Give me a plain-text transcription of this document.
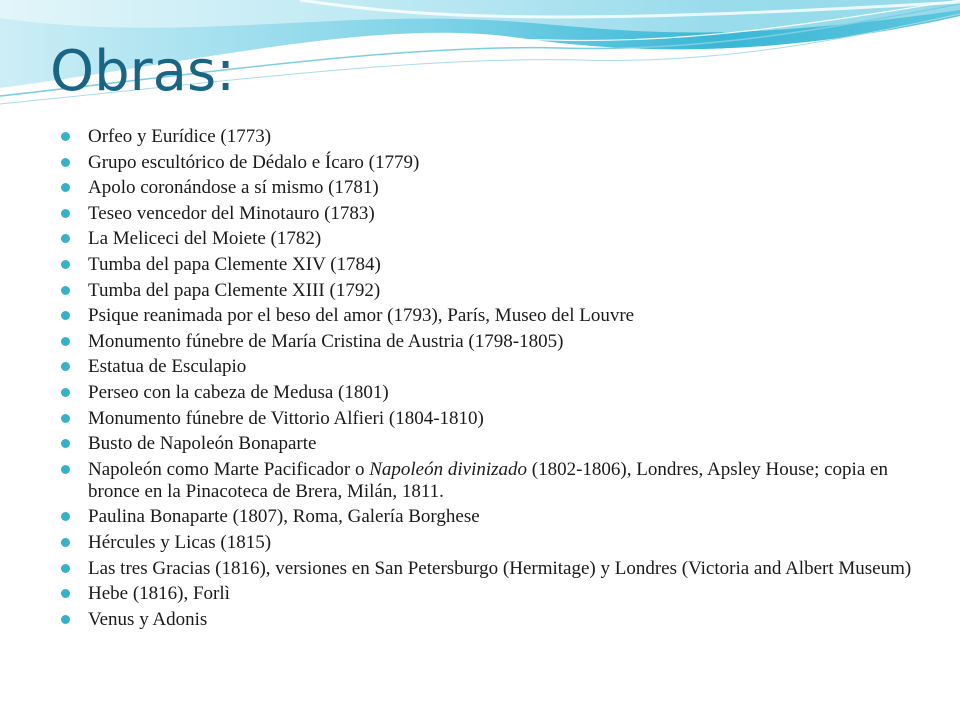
Obras:
Orfeo y Eurídice (1773)
Grupo escultórico de Dédalo e Ícaro (1779)
Apolo coronándose a sí mismo (1781)
Teseo vencedor del Minotauro (1783)
La Meliceci del Moiete (1782)
Tumba del papa Clemente XIV (1784)
Tumba del papa Clemente XIII (1792)
Psique reanimada por el beso del amor (1793), París, Museo del Louvre
Monumento fúnebre de María Cristina de Austria (1798-1805)
Estatua de Esculapio
Perseo con la cabeza de Medusa (1801)
Monumento fúnebre de Vittorio Alfieri (1804-1810)
Busto de Napoleón Bonaparte
Napoleón como Marte Pacificador o Napoleón divinizado (1802-1806), Londres, Apsley House; copia en bronce en la Pinacoteca de Brera, Milán, 1811.
Paulina Bonaparte (1807), Roma, Galería Borghese
Hércules y Licas (1815)
Las tres Gracias (1816), versiones en San Petersburgo (Hermitage) y Londres (Victoria and Albert Museum)
Hebe (1816), Forlì
Venus y Adonis
